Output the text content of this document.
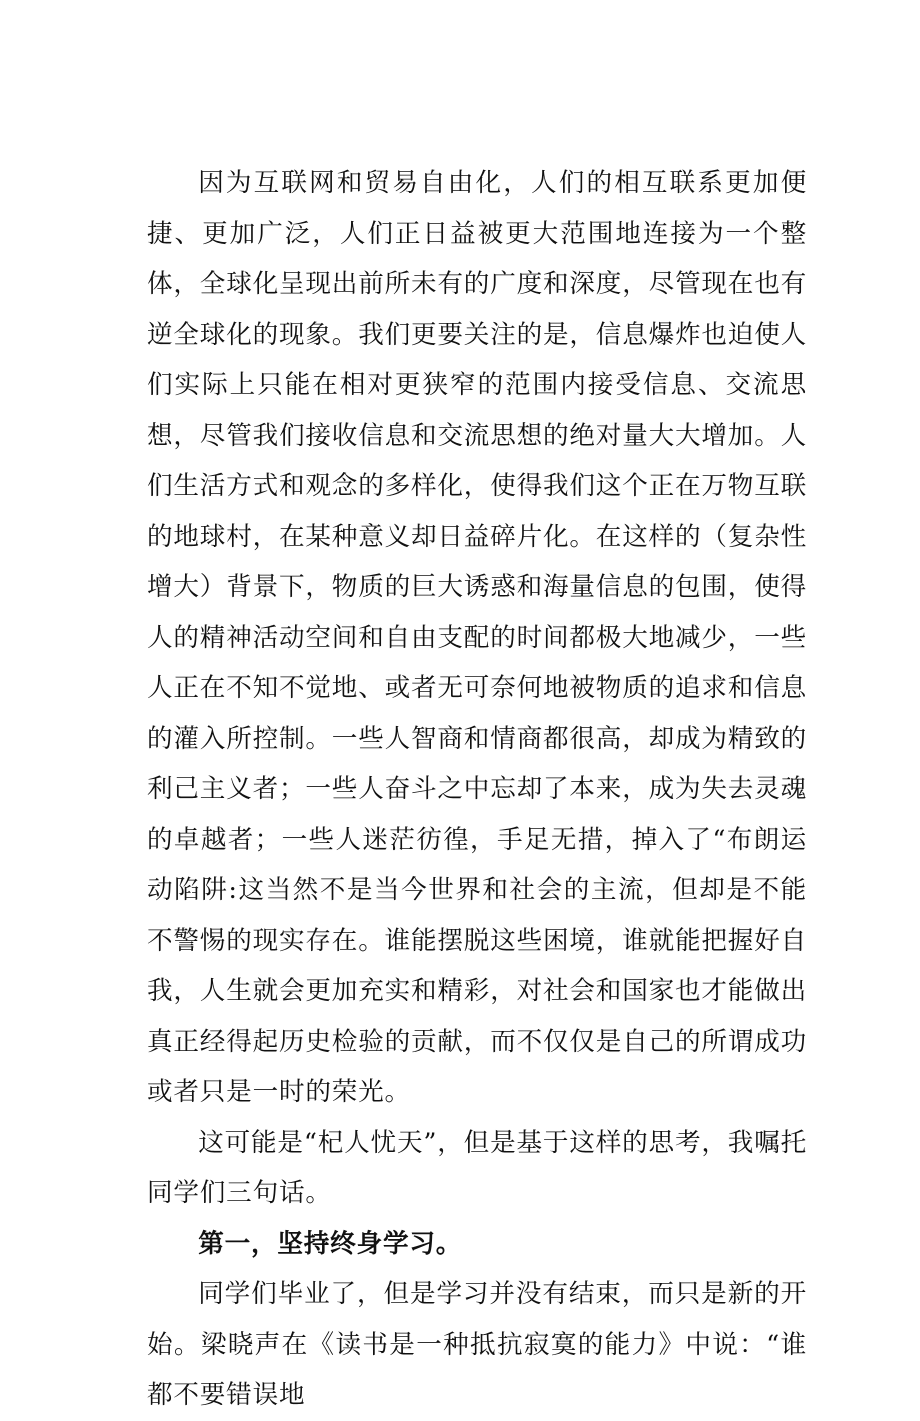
因为互联网和贸易自由化，人们的相互联系更加便捷、更加广泛，人们正日益被更大范围地连接为一个整体，全球化呈现出前所未有的广度和深度，尽管现在也有逆全球化的现象。我们更要关注的是，信息爆炸也迫使人们实际上只能在相对更狭窄的范围内接受信息、交流思想，尽管我们接收信息和交流思想的绝对量大大增加。人们生活方式和观念的多样化，使得我们这个正在万物互联的地球村，在某种意义却日益碎片化。在这样的（复杂性增大）背景下，物质的巨大诱惑和海量信息的包围，使得人的精神活动空间和自由支配的时间都极大地减少，一些人正在不知不觉地、或者无可奈何地被物质的追求和信息的灌入所控制。一些人智商和情商都很高，却成为精致的利己主义者；一些人奋斗之中忘却了本来，成为失去灵魂的卓越者；一些人迷茫彷徨，手足无措，掉入了“布朗运动陷阱:这当然不是当今世界和社会的主流，但却是不能不警惕的现实存在。谁能摆脱这些困境，谁就能把握好自我，人生就会更加充实和精彩，对社会和国家也才能做出真正经得起历史检验的贡献，而不仅仅是自己的所谓成功或者只是一时的荣光。

这可能是“杞人忧天”，但是基于这样的思考，我嘱托同学们三句话。

第一，坚持终身学习。

同学们毕业了，但是学习并没有结束，而只是新的开始。梁晓声在《读书是一种抵抗寂寞的能力》中说：“谁都不要错误地
